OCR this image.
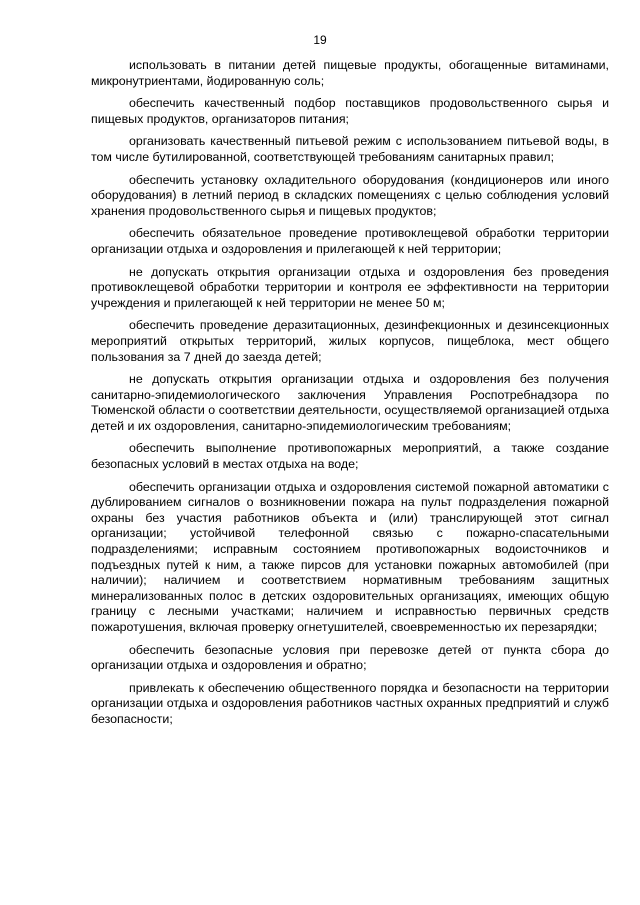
19

использовать в питании детей пищевые продукты, обогащенные витаминами, микронутриентами, йодированную соль;

обеспечить качественный подбор поставщиков продовольственного сырья и пищевых продуктов, организаторов питания;

организовать качественный питьевой режим с использованием питьевой воды, в том числе бутилированной, соответствующей требованиям санитарных правил;

обеспечить установку охладительного оборудования (кондиционеров или иного оборудования) в летний период в складских помещениях с целью соблюдения условий хранения продовольственного сырья и пищевых продуктов;

обеспечить обязательное проведение противоклещевой обработки территории организации отдыха и оздоровления и прилегающей к ней территории;

не допускать открытия организации отдыха и оздоровления без проведения противоклещевой обработки территории и контроля ее эффективности на территории учреждения и прилегающей к ней территории не менее 50 м;

обеспечить проведение деразитационных, дезинфекционных и дезинсекционных мероприятий открытых территорий, жилых корпусов, пищеблока, мест общего пользования за 7 дней до заезда детей;

не допускать открытия организации отдыха и оздоровления без получения санитарно-эпидемиологического заключения Управления Роспотребнадзора по Тюменской области о соответствии деятельности, осуществляемой организацией отдыха детей и их оздоровления, санитарно-эпидемиологическим требованиям;

обеспечить выполнение противопожарных мероприятий, а также создание безопасных условий в местах отдыха на воде;

обеспечить организации отдыха и оздоровления системой пожарной автоматики с дублированием сигналов о возникновении пожара на пульт подразделения пожарной охраны без участия работников объекта и (или) транслирующей этот сигнал организации; устойчивой телефонной связью с пожарно-спасательными подразделениями; исправным состоянием противопожарных водоисточников и подъездных путей к ним, а также пирсов для установки пожарных автомобилей (при наличии); наличием и соответствием нормативным требованиям защитных минерализованных полос в детских оздоровительных организациях, имеющих общую границу с лесными участками; наличием и исправностью первичных средств пожаротушения, включая проверку огнетушителей, своевременностью их перезарядки;

обеспечить безопасные условия при перевозке детей от пункта сбора до организации отдыха и оздоровления и обратно;

привлекать к обеспечению общественного порядка и безопасности на территории организации отдыха и оздоровления работников частных охранных предприятий и служб безопасности;
